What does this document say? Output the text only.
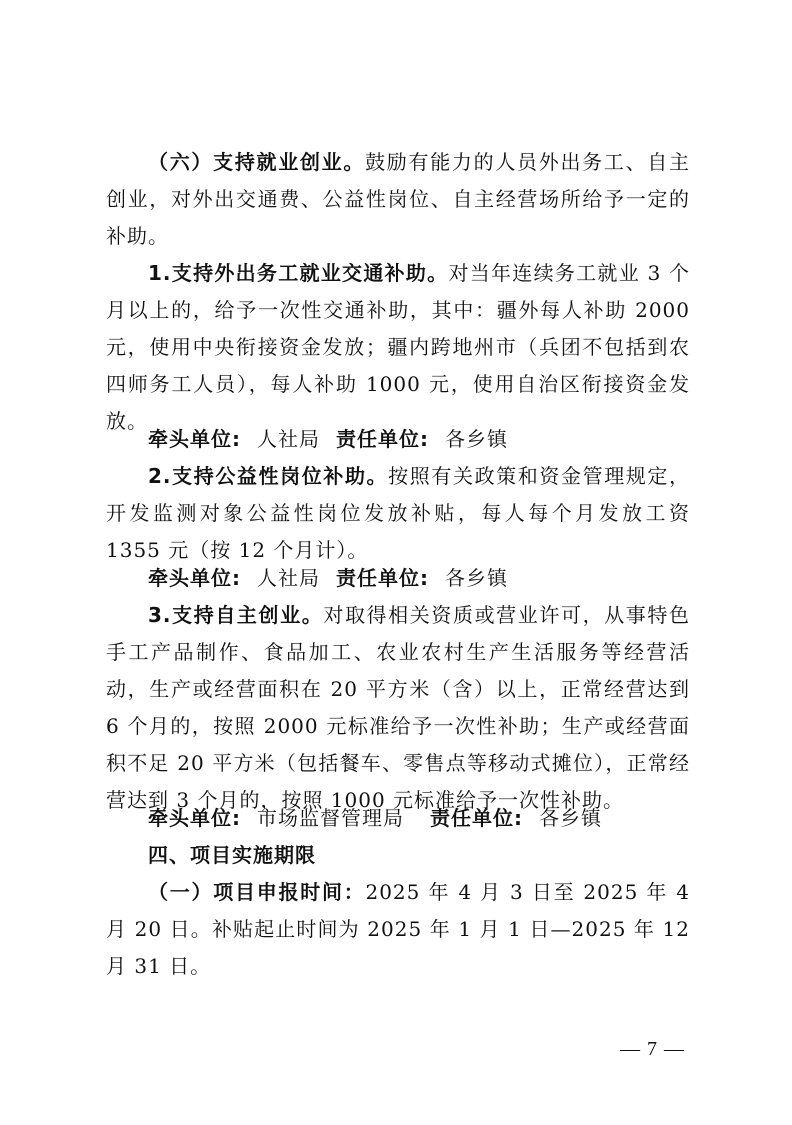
（六）支持就业创业。鼓励有能力的人员外出务工、自主创业，对外出交通费、公益性岗位、自主经营场所给予一定的补助。

1.支持外出务工就业交通补助。对当年连续务工就业 3 个月以上的，给予一次性交通补助，其中：疆外每人补助 2000 元，使用中央衔接资金发放；疆内跨地州市（兵团不包括到农四师务工人员），每人补助 1000 元，使用自治区衔接资金发放。

牵头单位: 人社局 责任单位: 各乡镇

2.支持公益性岗位补助。按照有关政策和资金管理规定，开发监测对象公益性岗位发放补贴，每人每个月发放工资 1355 元（按 12 个月计）。

牵头单位: 人社局 责任单位: 各乡镇

3.支持自主创业。对取得相关资质或营业许可，从事特色手工产品制作、食品加工、农业农村生产生活服务等经营活动，生产或经营面积在 20 平方米（含）以上，正常经营达到 6 个月的，按照 2000 元标准给予一次性补助；生产或经营面积不足 20 平方米（包括餐车、零售点等移动式摊位），正常经营达到 3 个月的，按照 1000 元标准给予一次性补助。

牵头单位: 市场监督管理局 责任单位: 各乡镇

四、项目实施期限

（一）项目申报时间：2025 年 4 月 3 日至 2025 年 4 月 20 日。补贴起止时间为 2025 年 1 月 1 日—2025 年 12 月 31 日。

— 7 —
